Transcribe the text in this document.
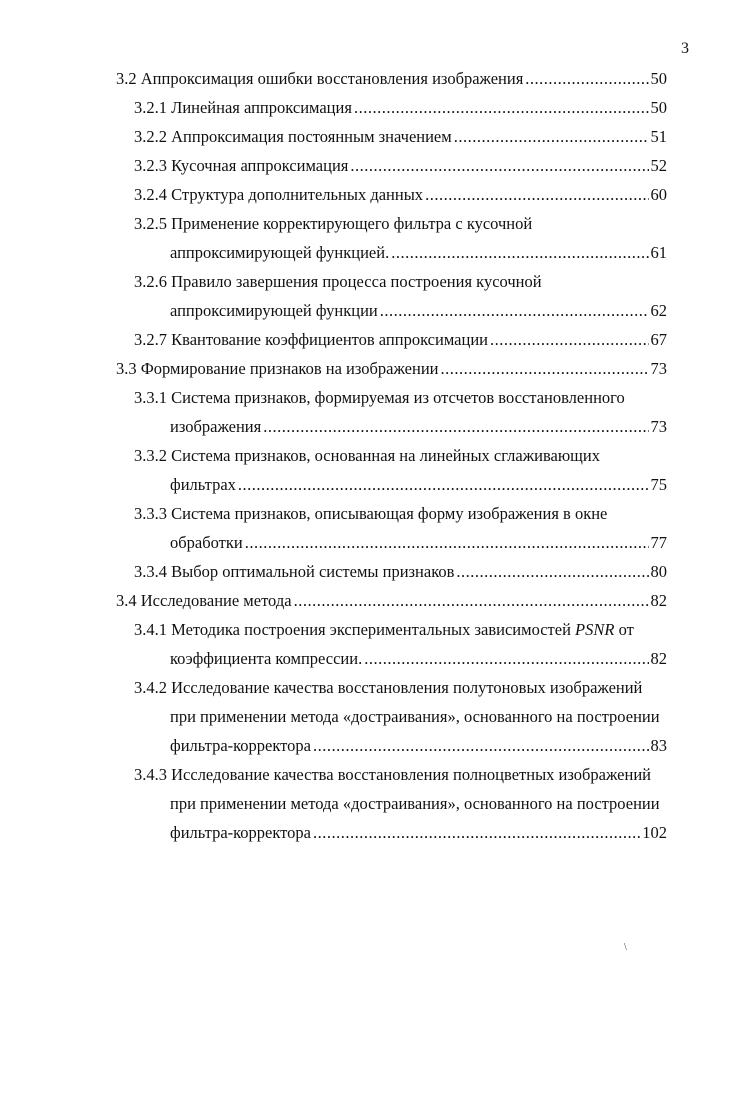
3
3.2 Аппроксимация ошибки восстановления изображения .....	50
3.2.1 Линейная аппроксимация .....	50
3.2.2 Аппроксимация постоянным значением .....	51
3.2.3 Кусочная аппроксимация .....	52
3.2.4 Структура дополнительных данных .....	60
3.2.5 Применение корректирующего фильтра с кусочной
аппроксимирующей функцией. .....	61
3.2.6 Правило завершения процесса построения кусочной
аппроксимирующей функции .....	62
3.2.7 Квантование коэффициентов аппроксимации .....	67
3.3 Формирование признаков на изображении .....	73
3.3.1 Система признаков, формируемая из отсчетов восстановленного
изображения .....	73
3.3.2 Система признаков, основанная на линейных сглаживающих
фильтрах .....	75
3.3.3 Система признаков, описывающая форму изображения в окне
обработки .....	77
3.3.4 Выбор оптимальной системы признаков .....	80
3.4 Исследование метода .....	82
3.4.1 Методика построения экспериментальных зависимостей PSNR от
коэффициента компрессии. .....	82
3.4.2 Исследование качества восстановления полутоновых изображений
при применении метода «достраивания», основанного на построении
фильтра-корректора .....	83
3.4.3 Исследование качества восстановления полноцветных изображений
при применении метода «достраивания», основанного на построении
фильтра-корректора .....	102
\
